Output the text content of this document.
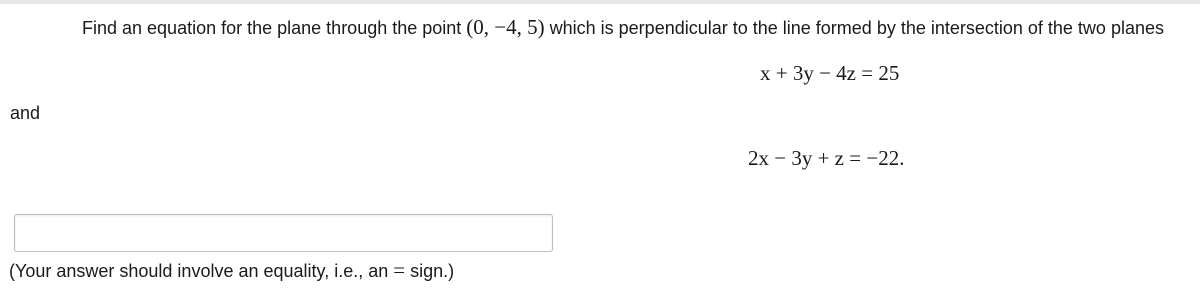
Find an equation for the plane through the point (0, −4, 5) which is perpendicular to the line formed by the intersection of the two planes
x + 3y − 4z = 25
and
2x − 3y + z = −22.
(Your answer should involve an equality, i.e., an = sign.)
